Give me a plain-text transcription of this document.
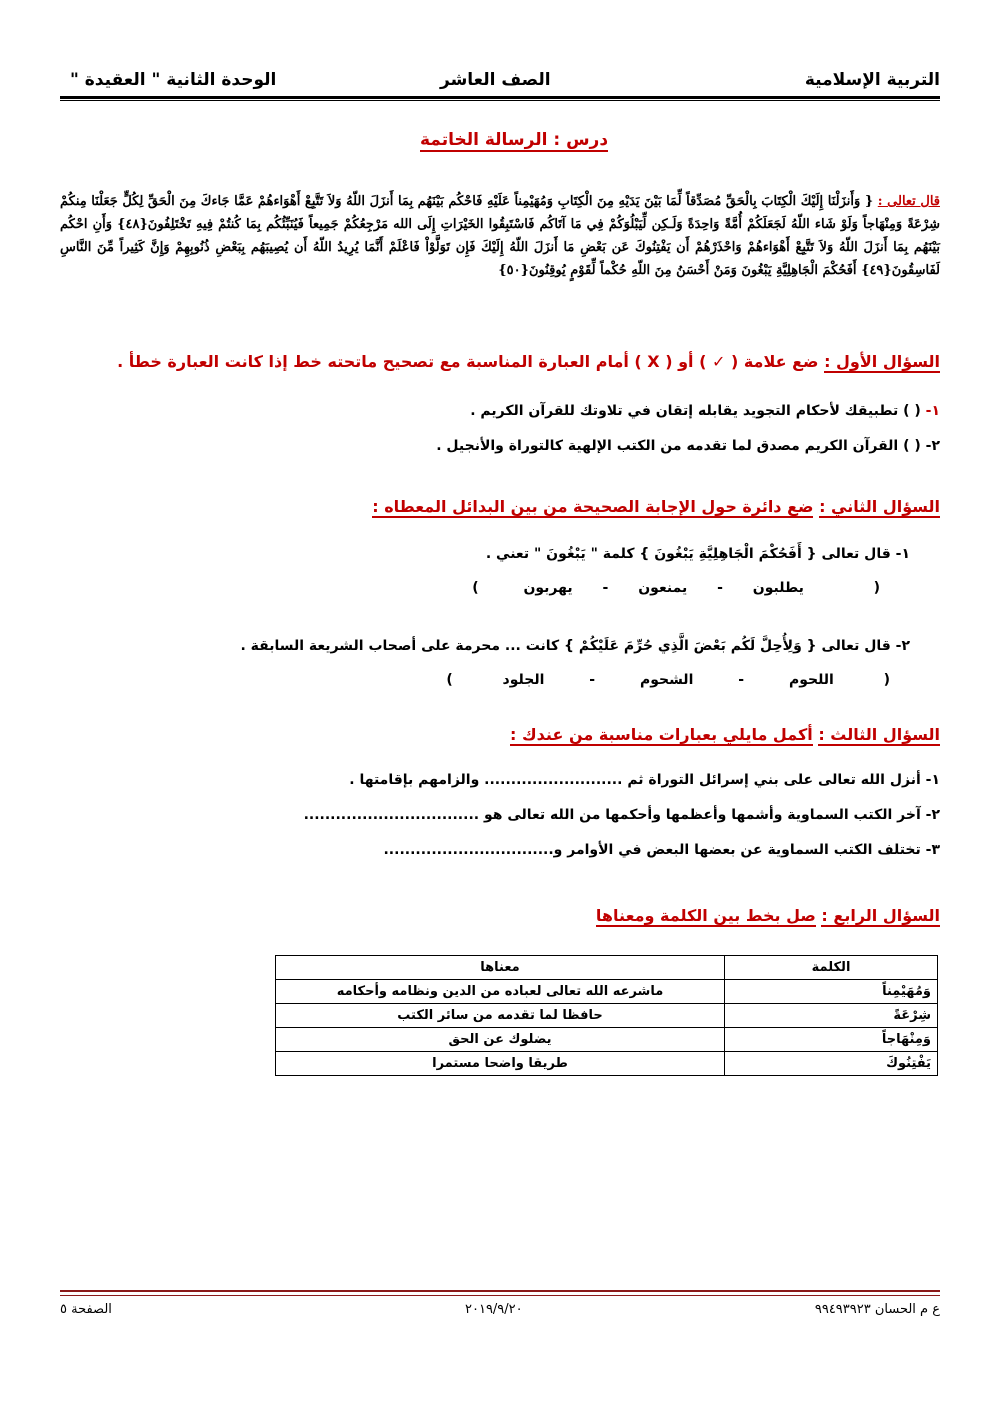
التربية الإسلامية
الصف العاشر
الوحدة الثانية " العقيدة "
درس : الرسالة الخاتمة
قال تعالى : { وَأَنزَلْنَا إِلَيْكَ الْكِتَابَ بِالْحَقِّ مُصَدِّقاً لِّمَا بَيْنَ يَدَيْهِ مِنَ الْكِتَابِ وَمُهَيْمِناً عَلَيْهِ فَاحْكُم بَيْنَهُم بِمَا أَنزَلَ اللّهُ وَلاَ تَتَّبِعْ أَهْوَاءهُمْ عَمَّا جَاءكَ مِنَ الْحَقِّ لِكُلٍّ جَعَلْنَا مِنكُمْ شِرْعَةً وَمِنْهَاجاً وَلَوْ شَاء اللّهُ لَجَعَلَكُمْ أُمَّةً وَاحِدَةً وَلَـكِن لِّيَبْلُوَكُمْ فِي مَا آتَاكُم فَاسْتَبِقُوا الخَيْرَاتِ إِلَى الله مَرْجِعُكُمْ جَمِيعاً فَيُنَبِّئُكُم بِمَا كُنتُمْ فِيهِ تَخْتَلِفُونَ{٤٨} وَأَنِ احْكُم بَيْنَهُم بِمَا أَنزَلَ اللّهُ وَلاَ تَتَّبِعْ أَهْوَاءهُمْ وَاحْذَرْهُمْ أَن يَفْتِنُوكَ عَن بَعْضِ مَا أَنزَلَ اللّهُ إِلَيْكَ فَإِن تَوَلَّوْاْ فَاعْلَمْ أَنَّمَا يُرِيدُ اللّهُ أَن يُصِيبَهُم بِبَعْضِ ذُنُوبِهِمْ وَإِنَّ كَثِيراً مِّنَ النَّاسِ لَفَاسِقُونَ{٤٩} أَفَحُكْمَ الْجَاهِلِيَّةِ يَبْغُونَ وَمَنْ أَحْسَنُ مِنَ اللّهِ حُكْماً لِّقَوْمٍ يُوقِنُونَ{٥٠}
السؤال الأول : ضع علامة ( ✓ ) أو ( X ) أمام العبارة المناسبة مع تصحيح ماتحته خط إذا كانت العبارة خطأ .
١- ( ) تطبيقك لأحكام التجويد يقابله إتقان في تلاوتك للقرآن الكريم .
٢- ( ) القرآن الكريم مصدق لما تقدمه من الكتب الإلهية كالتوراة والأنجيل .
السؤال الثاني : ضع دائرة حول الإجابة الصحيحة من بين البدائل المعطاه :
١- قال تعالى { أَفَحُكْمَ الْجَاهِلِيَّةِ يَبْغُونَ } كلمة " يَبْغُونَ " تعني .
(  يطلبون - يمنعون - يهربون  )
٢- قال تعالى { وَلِأُحِلَّ لَكُم بَعْضَ الَّذِي حُرِّمَ عَلَيْكُمْ } كانت ... محرمة على أصحاب الشريعة السابقة .
(  اللحوم - الشحوم - الجلود  )
السؤال الثالث : أكمل مايلي بعبارات مناسبة من عندك :
١- أنزل الله تعالى على بني إسرائل التوراة ثم .......................... والزامهم بإقامتها .
٢- آخر الكتب السماوية وأشمها وأعظمها وأحكمها من الله تعالى هو .................................
٣- تختلف الكتب السماوية عن بعضها البعض في الأوامر و................................
السؤال الرابع : صل بخط بين الكلمة ومعناها
الكلمة	معناها
وَمُهَيْمِناً	ماشرعه الله تعالى لعباده من الدين ونظامه وأحكامه
شِرْعَةً	حافظا لما تقدمه من سائر الكتب
وَمِنْهَاجاً	يضلوك عن الحق
يَفْتِنُوكَ	طريقا واضحا مستمرا
ع م الحسان ٩٩٤٩٣٩٢٣
٢٠١٩/٩/٢٠
الصفحة ٥
